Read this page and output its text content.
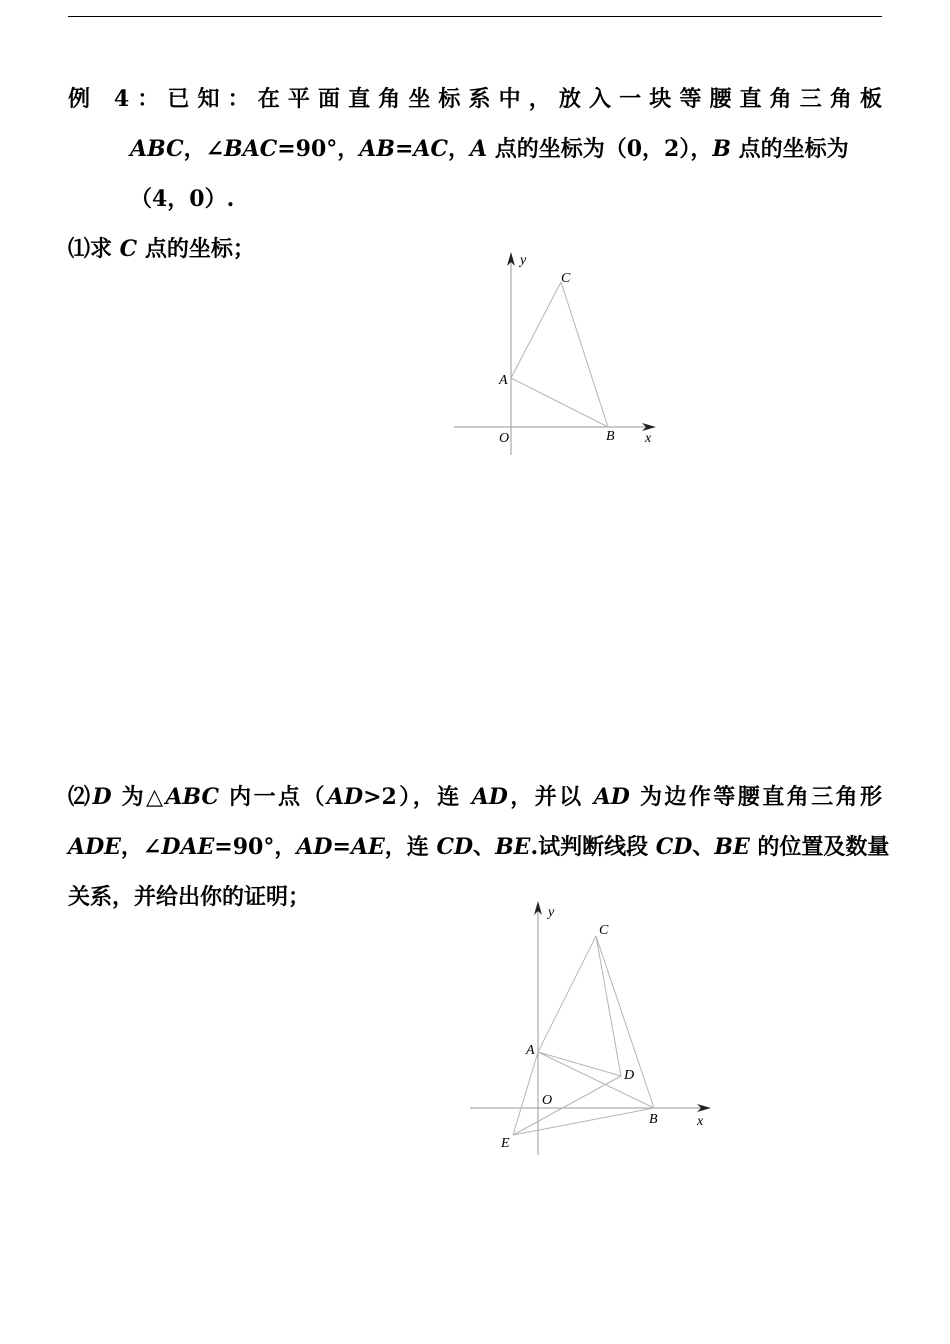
例 4：已知：在平面直角坐标系中，放入一块等腰直角三角板
ABC，∠BAC=90°，AB=AC，A 点的坐标为（0，2），B 点的坐标为
（4，0）.
⑴求 C 点的坐标；	y
C
A
O	B x
⑵D 为△ABC 内一点（AD>2），连 AD，并以 AD 为边作等腰直角三角形
ADE，∠DAE=90°，AD=AE，连 CD、BE.试判断线段 CD、BE 的位置及数量
关系，并给出你的证明；
y
C
A
D
O
B	x
E
